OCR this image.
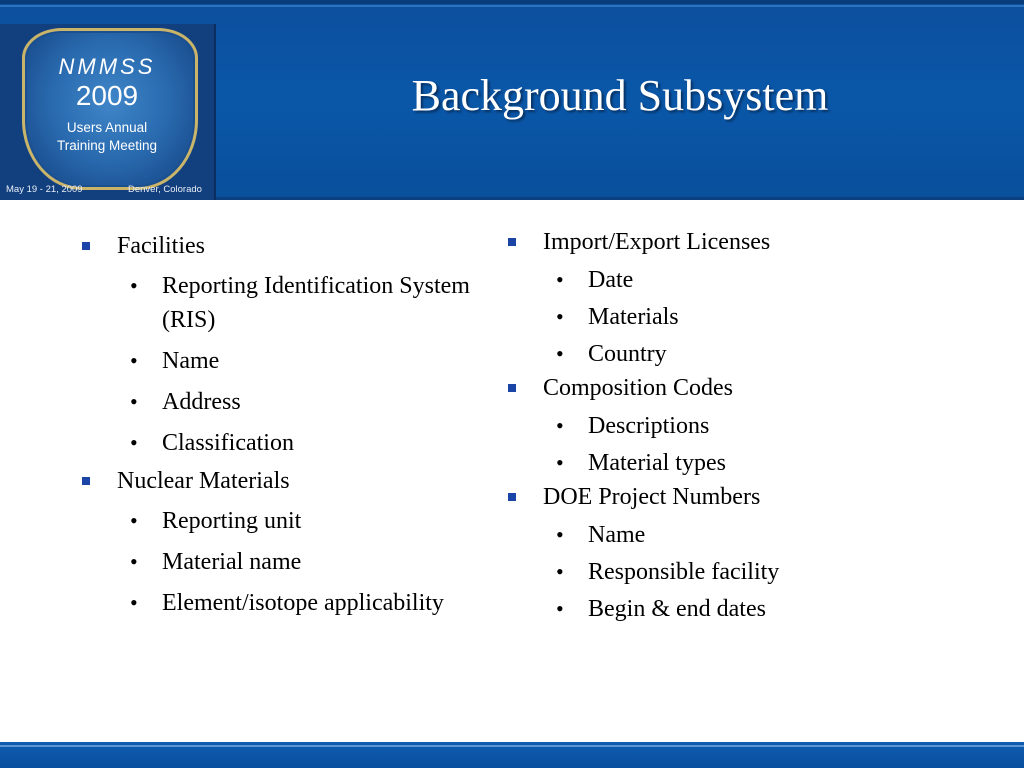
NMMSS
2009
Users Annual
Training Meeting
May 19 - 21, 2009	Denver, Colorado
Background Subsystem
Facilities
• Reporting Identification System (RIS)
• Name
• Address
• Classification
Nuclear Materials
• Reporting unit
• Material name
• Element/isotope applicability
Import/Export Licenses
• Date
• Materials
• Country
Composition Codes
• Descriptions
• Material types
DOE Project Numbers
• Name
• Responsible facility
• Begin & end dates
